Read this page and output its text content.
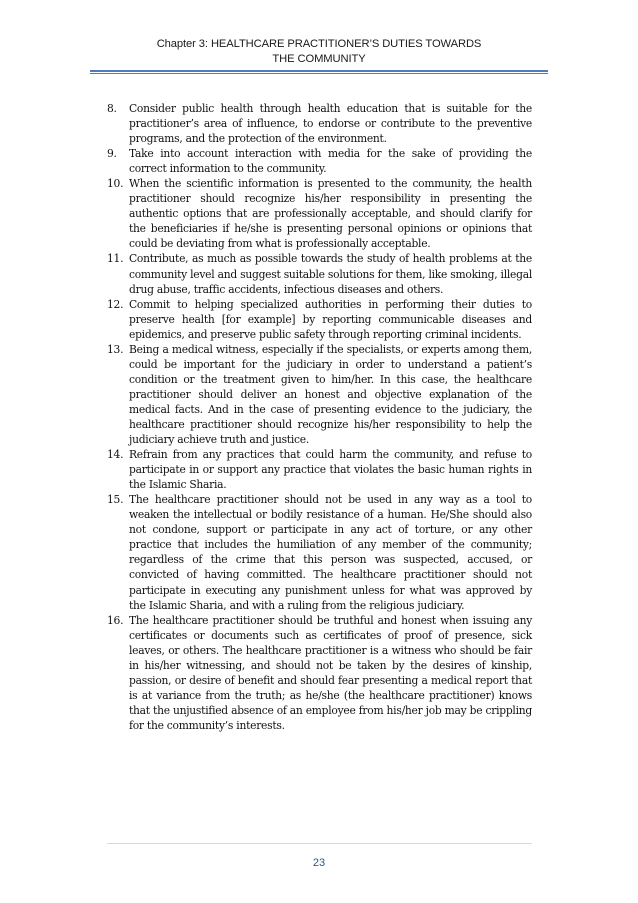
Chapter 3: HEALTHCARE PRACTITIONER’S DUTIES TOWARDS
THE COMMUNITY
8.	Consider public health through health education that is suitable for the practitioner’s area of influence, to endorse or contribute to the preventive programs, and the protection of the environment.
9.	Take into account interaction with media for the sake of providing the correct information to the community.
10. When the scientific information is presented to the community, the health practitioner should recognize his/her responsibility in presenting the authentic options that are professionally acceptable, and should clarify for the beneficiaries if he/she is presenting personal opinions or opinions that could be deviating from what is professionally acceptable.
11. Contribute, as much as possible towards the study of health problems at the community level and suggest suitable solutions for them, like smoking, illegal drug abuse, traffic accidents, infectious diseases and others.
12. Commit to helping specialized authorities in performing their duties to preserve health [for example] by reporting communicable diseases and epidemics, and preserve public safety through reporting criminal incidents.
13. Being a medical witness, especially if the specialists, or experts among them, could be important for the judiciary in order to understand a patient’s condition or the treatment given to him/her. In this case, the healthcare practitioner should deliver an honest and objective explanation of the medical facts. And in the case of presenting evidence to the judiciary, the healthcare practitioner should recognize his/her responsibility to help the judiciary achieve truth and justice.
14. Refrain from any practices that could harm the community, and refuse to participate in or support any practice that violates the basic human rights in the Islamic Sharia.
15. The healthcare practitioner should not be used in any way as a tool to weaken the intellectual or bodily resistance of a human. He/She should also not condone, support or participate in any act of torture, or any other practice that includes the humiliation of any member of the community; regardless of the crime that this person was suspected, accused, or convicted of having committed. The healthcare practitioner should not participate in executing any punishment unless for what was approved by the Islamic Sharia, and with a ruling from the religious judiciary.
16. The healthcare practitioner should be truthful and honest when issuing any certificates or documents such as certificates of proof of presence, sick leaves, or others. The healthcare practitioner is a witness who should be fair in his/her witnessing, and should not be taken by the desires of kinship, passion, or desire of benefit and should fear presenting a medical report that is at variance from the truth; as he/she (the healthcare practitioner) knows that the unjustified absence of an employee from his/her job may be crippling for the community’s interests.
23
